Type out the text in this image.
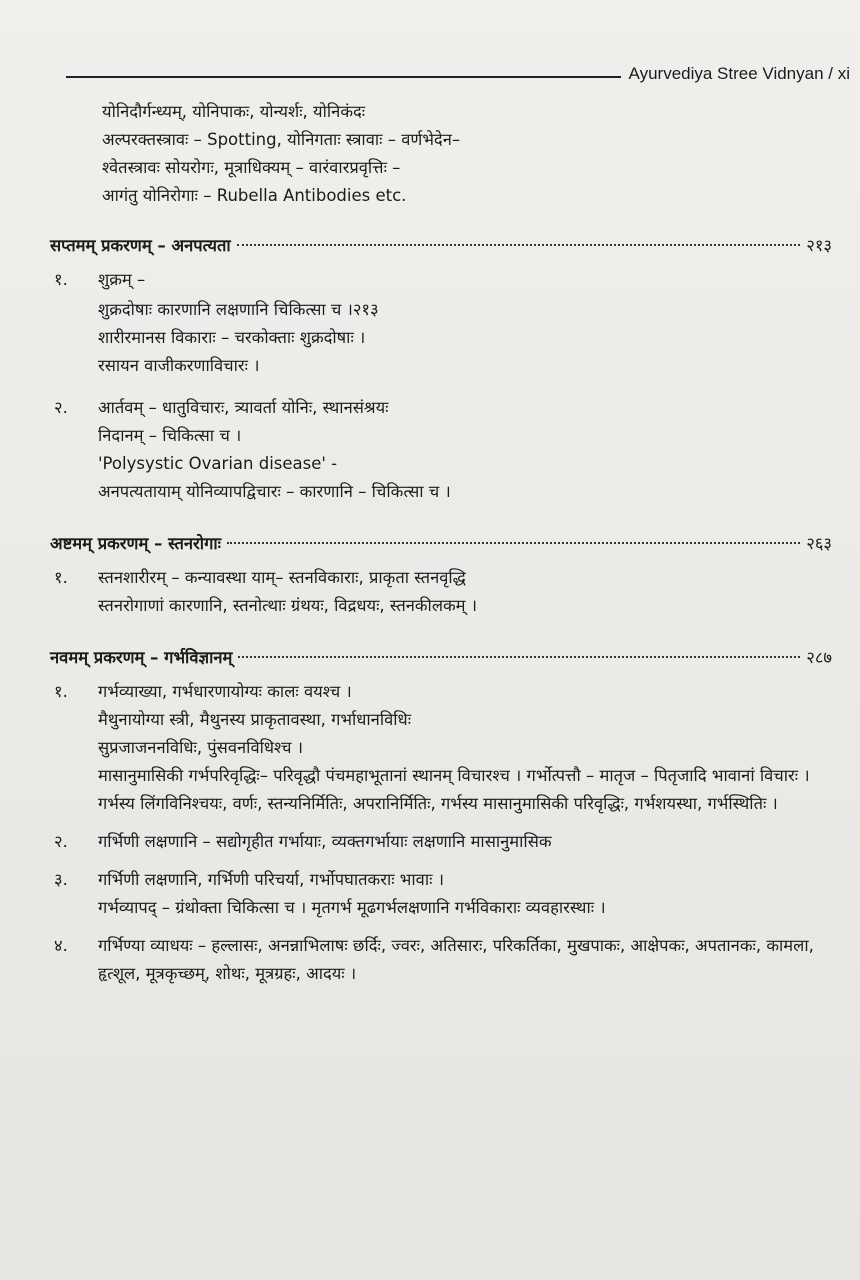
Ayurvediya Stree Vidnyan / xi
योनिदौर्गन्ध्यम्, योनिपाकः, योन्यर्शः, योनिकंदः
अल्परक्तस्त्रावः – Spotting, योनिगताः स्त्रावाः – वर्णभेदेन–
श्वेतस्त्रावः सोयरोगः, मूत्राधिक्यम् – वारंवारप्रवृत्तिः –
आगंतु योनिरोगाः – Rubella Antibodies etc.
सप्तमम् प्रकरणम् – अनपत्यता	२१३
१.	शुक्रम् –
शुक्रदोषाः कारणानि लक्षणानि चिकित्सा च ।२१३
शारीरमानस विकाराः – चरकोक्ताः शुक्रदोषाः ।
रसायन वाजीकरणाविचारः ।
२.	आर्तवम् – धातुविचारः, त्र्यावर्ता योनिः, स्थानसंश्रयः
निदानम् – चिकित्सा च ।
'Polysystic Ovarian disease' -
अनपत्यतायाम् योनिव्यापद्विचारः – कारणानि – चिकित्सा च ।
अष्टमम् प्रकरणम् – स्तनरोगाः	२६३
१.	स्तनशारीरम् – कन्यावस्था याम्– स्तनविकाराः, प्राकृता स्तनवृद्धि
स्तनरोगाणां कारणानि, स्तनोत्थाः ग्रंथयः, विद्रधयः, स्तनकीलकम् ।
नवमम् प्रकरणम् – गर्भविज्ञानम्	२८७
१.	गर्भव्याख्या, गर्भधारणायोग्यः कालः वयश्च ।
मैथुनायोग्या स्त्री, मैथुनस्य प्राकृतावस्था, गर्भाधानविधिः
सुप्रजाजननविधिः, पुंसवनविधिश्च ।
मासानुमासिकी गर्भपरिवृद्धिः– परिवृद्धौ पंचमहाभूतानां स्थानम् विचारश्च । गर्भोत्पत्तौ – मातृज – पितृजादि भावानां विचारः ।
गर्भस्य लिंगविनिश्चयः, वर्णः, स्तन्यनिर्मितिः, अपरानिर्मितिः, गर्भस्य मासानुमासिकी परिवृद्धिः, गर्भशयस्था, गर्भस्थितिः ।
२.	गर्भिणी लक्षणानि – सद्योगृहीत गर्भायाः, व्यक्तगर्भायाः लक्षणानि मासानुमासिक
३.	गर्भिणी लक्षणानि, गर्भिणी परिचर्या, गर्भोपघातकराः भावाः ।
गर्भव्यापद् – ग्रंथोक्ता चिकित्सा च । मृतगर्भ मूढगर्भलक्षणानि गर्भविकाराः व्यवहारस्थाः ।
४.	गर्भिण्या व्याधयः – हल्लासः, अनन्नाभिलाषः छर्दिः, ज्वरः, अतिसारः, परिकर्तिका, मुखपाकः, आक्षेपकः, अपतानकः, कामला, हृत्शूल, मूत्रकृच्छम्, शोथः, मूत्रग्रहः, आदयः ।
